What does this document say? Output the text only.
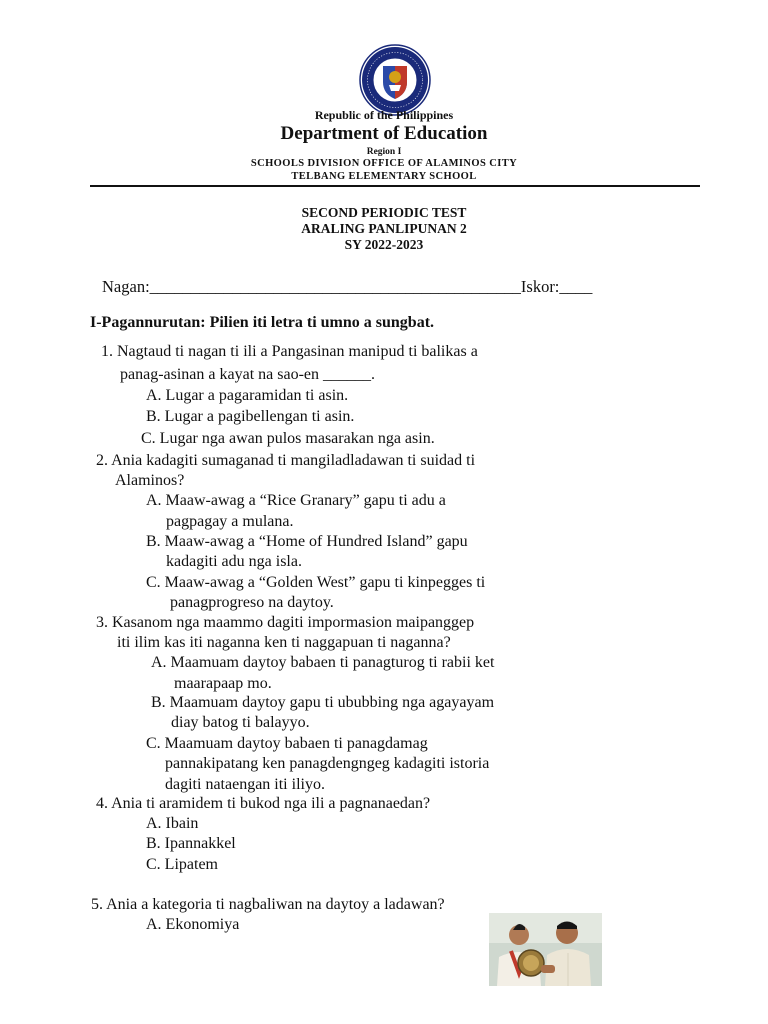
Republic of the Philippines
Department of Education
Region I
SCHOOLS DIVISION OFFICE OF ALAMINOS CITY
TELBANG ELEMENTARY SCHOOL
SECOND PERIODIC TEST
ARALING PANLIPUNAN 2
SY 2022-2023
Nagan:_____________________________________________Iskor:____
I-Pagannurutan: Pilien iti letra ti umno a sungbat.
1. Nagtaud ti nagan ti ili a Pangasinan manipud ti balikas a
panag-asinan a kayat na sao-en ______.
A. Lugar a pagaramidan ti asin.
B. Lugar a pagibellengan ti asin.
C. Lugar nga awan pulos masarakan nga asin.
2. Ania kadagiti sumaganad ti mangiladladawan ti suidad ti
Alaminos?
A. Maaw-awag a “Rice Granary” gapu ti adu a
pagpagay a mulana.
B. Maaw-awag a “Home of Hundred Island” gapu
kadagiti adu nga isla.
C. Maaw-awag a “Golden West” gapu ti kinpegges ti
panagprogreso na daytoy.
3. Kasanom nga maammo dagiti impormasion maipanggep
iti ilim kas iti naganna ken ti naggapuan ti naganna?
A. Maamuam daytoy babaen ti panagturog ti rabii ket
maarapaap mo.
B. Maamuam daytoy gapu ti ububbing nga agayayam
diay batog ti balayyo.
C. Maamuam daytoy babaen ti panagdamag
pannakipatang ken panagdengngeg kadagiti istoria
dagiti nataengan iti iliyo.
4. Ania ti aramidem ti bukod nga ili a pagnanaedan?
A. Ibain
B. Ipannakkel
C. Lipatem
5. Ania a kategoria ti nagbaliwan na daytoy a ladawan?
A. Ekonomiya
